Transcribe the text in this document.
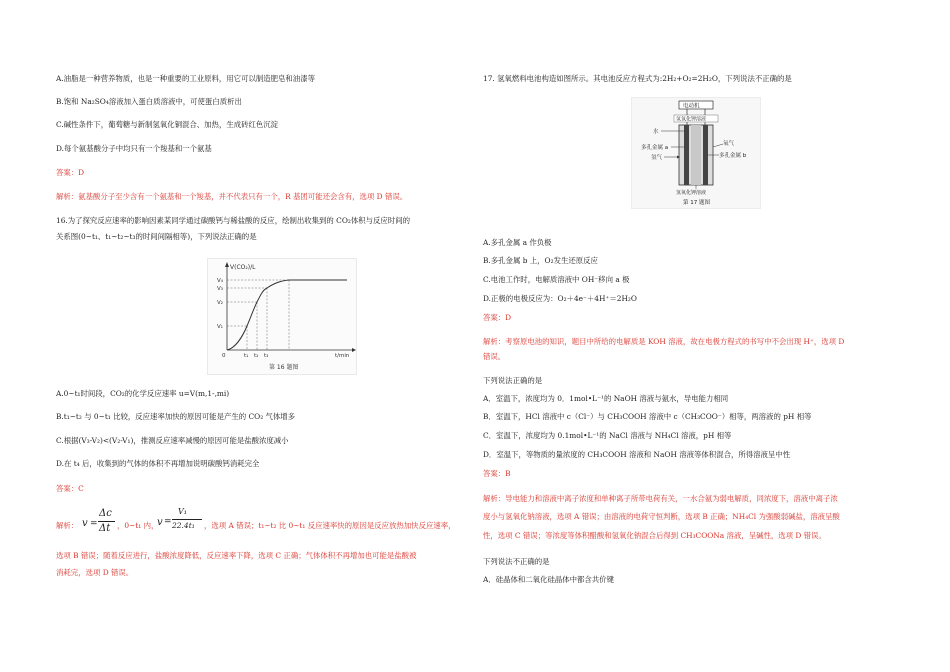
A.油脂是一种营养物质，也是一种重要的工业原料，用它可以制造肥皂和油漆等
B.饱和 Na₂SO₄溶液加入蛋白质溶液中，可使蛋白质析出
C.碱性条件下，葡萄糖与新制氢氧化铜混合、加热，生成砖红色沉淀
D.每个氨基酸分子中均只有一个羧基和一个氨基
答案：D
解析：氨基酸分子至少含有一个氨基和一个羧基，并不代表只有一个，R 基团可能还会含有，选项 D 错误。
16.为了探究反应速率的影响因素某同学通过碳酸钙与稀盐酸的反应，绘制出收集到的 CO₂体积与反应时间的
关系图(0~t₁、t₁~t₂~t₃的时间间隔相等)，下列说法正确的是
V(CO₂)/L
V₄
V₃
V₂
V₁
0	t₁ t₂ t₃	t/min
第 16 题图
A.0~t₁时间段，CO₂的化学反应速率 u=V(m,1-,mi)
B.t₁~t₂ 与 0~t₁ 比较，反应速率加快的原因可能是产生的 CO₂ 气体增多
C.根据(V₃-V₂)<(V₂-V₁)，推测反应速率减慢的原因可能是盐酸浓度减小
D.在 t₄ 后，收集到的气体的体积不再增加说明碳酸钙消耗完全
答案：C
解析： v =
Δc
Δt ，0~t₁ 内，
v =
V₁
22.4t₁ ，选项 A 错误；t₁~t₂ 比 0~t₁ 反应速率快的原因是反应放热加快反应速率，
选项 B 错误；随着反应进行，盐酸浓度降低，反应速率下降，选项 C 正确；气体体积不再增加也可能是盐酸被
消耗完，选项 D 错误。
17. 氢氧燃料电池构造如图所示。其电池反应方程式为:2H₂+O₂=2H₂O，下列说法不正确的是
电动机
氢氧化钾溶液
水
多孔金属 a
氢气
氧气
多孔金属 b
氢氧化钾溶液
第 17 题图
A.多孔金属 a 作负极
B.多孔金属 b 上，O₂发生还原反应
C.电池工作时，电解质溶液中 OH⁻移向 a 极
D.正极的电极反应为：O₂＋4e⁻＋4H⁺＝2H₂O
答案：D
解析：考察原电池的知识，题目中所给的电解质是 KOH 溶液，故在电极方程式的书写中不会出现 H⁺，选项 D
错误。
下列说法正确的是
A．室温下，浓度均为 0．1mol•L⁻¹的 NaOH 溶液与氨水，导电能力相同
B．室温下，HCl 溶液中 c（Cl⁻）与 CH₃COOH 溶液中 c（CH₃COO⁻）相等，两溶液的 pH 相等
C．室温下，浓度均为 0.1mol•L⁻¹的 NaCl 溶液与 NH₄Cl 溶液，pH 相等
D．室温下，等物质的量浓度的 CH₃COOH 溶液和 NaOH 溶液等体积混合，所得溶液呈中性
答案：B
解析：导电能力和溶液中离子浓度和单种离子所带电荷有关，一水合氨为弱电解质，同浓度下，溶液中离子浓
度小与氢氧化钠溶液，选项 A 错误；由溶液的电荷守恒判断，选项 B 正确；NH₄Cl 为强酸弱碱盐，溶液呈酸
性，选项 C 错误；等浓度等体积醋酸和氢氧化钠混合后得到 CH₃COONa 溶液，呈碱性，选项 D 错误。
下列说法不正确的是
A．硅晶体和二氧化硅晶体中都含共价键
